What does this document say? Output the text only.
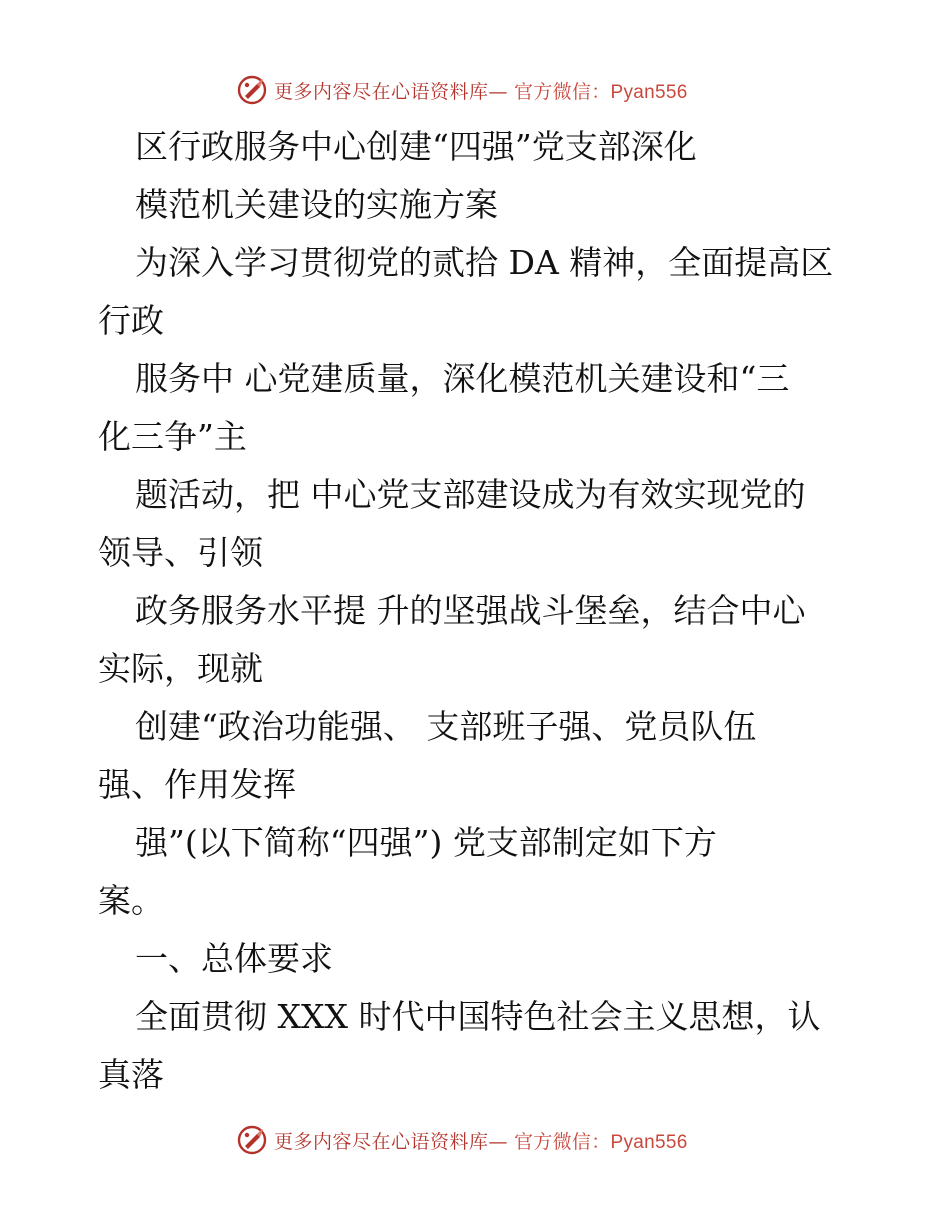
更多内容尽在心语资料库— 官方微信：Pyan556
区行政服务中心创建“四强”党支部深化
模范机关建设的实施方案
为深入学习贯彻党的贰拾 DA 精神，全面提高区
行政
服务中 心党建质量，深化模范机关建设和“三
化三争”主
题活动，把 中心党支部建设成为有效实现党的
领导、引领
政务服务水平提 升的坚强战斗堡垒，结合中心
实际，现就
创建“政治功能强、 支部班子强、党员队伍
强、作用发挥
强”(以下简称“四强”) 党支部制定如下方
案。
一、总体要求
全面贯彻 XXX 时代中国特色社会主义思想，认
真落
更多内容尽在心语资料库— 官方微信：Pyan556
